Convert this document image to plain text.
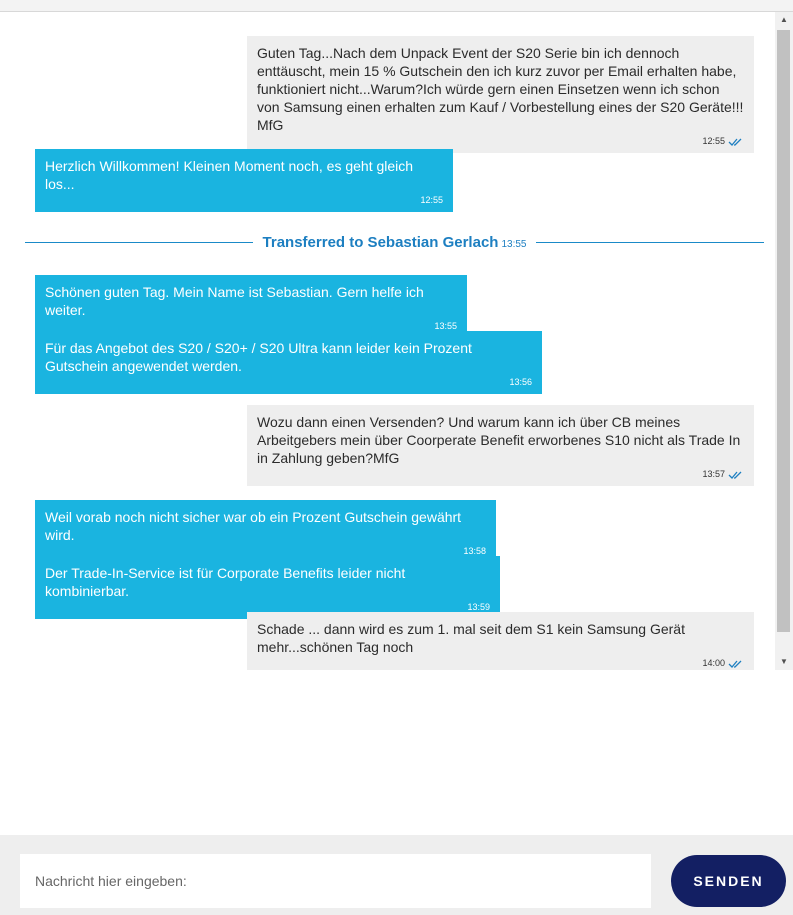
Guten Tag...Nach dem Unpack Event der S20 Serie bin ich dennoch enttäuscht, mein 15 % Gutschein den ich kurz zuvor per Email erhalten habe, funktioniert nicht...Warum?Ich würde gern einen Einsetzen wenn ich schon von Samsung einen erhalten zum Kauf / Vorbestellung eines der S20 Geräte!!! MfG
12:55
Herzlich Willkommen! Kleinen Moment noch, es geht gleich los...
12:55
Transferred to Sebastian Gerlach 13:55
Schönen guten Tag. Mein Name ist Sebastian. Gern helfe ich weiter.
13:55
Für das Angebot des S20 / S20+ / S20 Ultra kann leider kein Prozent Gutschein angewendet werden.
13:56
Wozu dann einen Versenden? Und warum kann ich über CB meines Arbeitgebers mein über Coorperate Benefit erworbenes S10 nicht als Trade In in Zahlung geben?MfG
13:57
Weil vorab noch nicht sicher war ob ein Prozent Gutschein gewährt wird.
13:58
Der Trade-In-Service ist für Corporate Benefits leider nicht kombinierbar.
13:59
Schade ... dann wird es zum 1. mal seit dem S1 kein Samsung Gerät mehr...schönen Tag noch
14:00
▲
▼
Nachricht hier eingeben:
SENDEN
